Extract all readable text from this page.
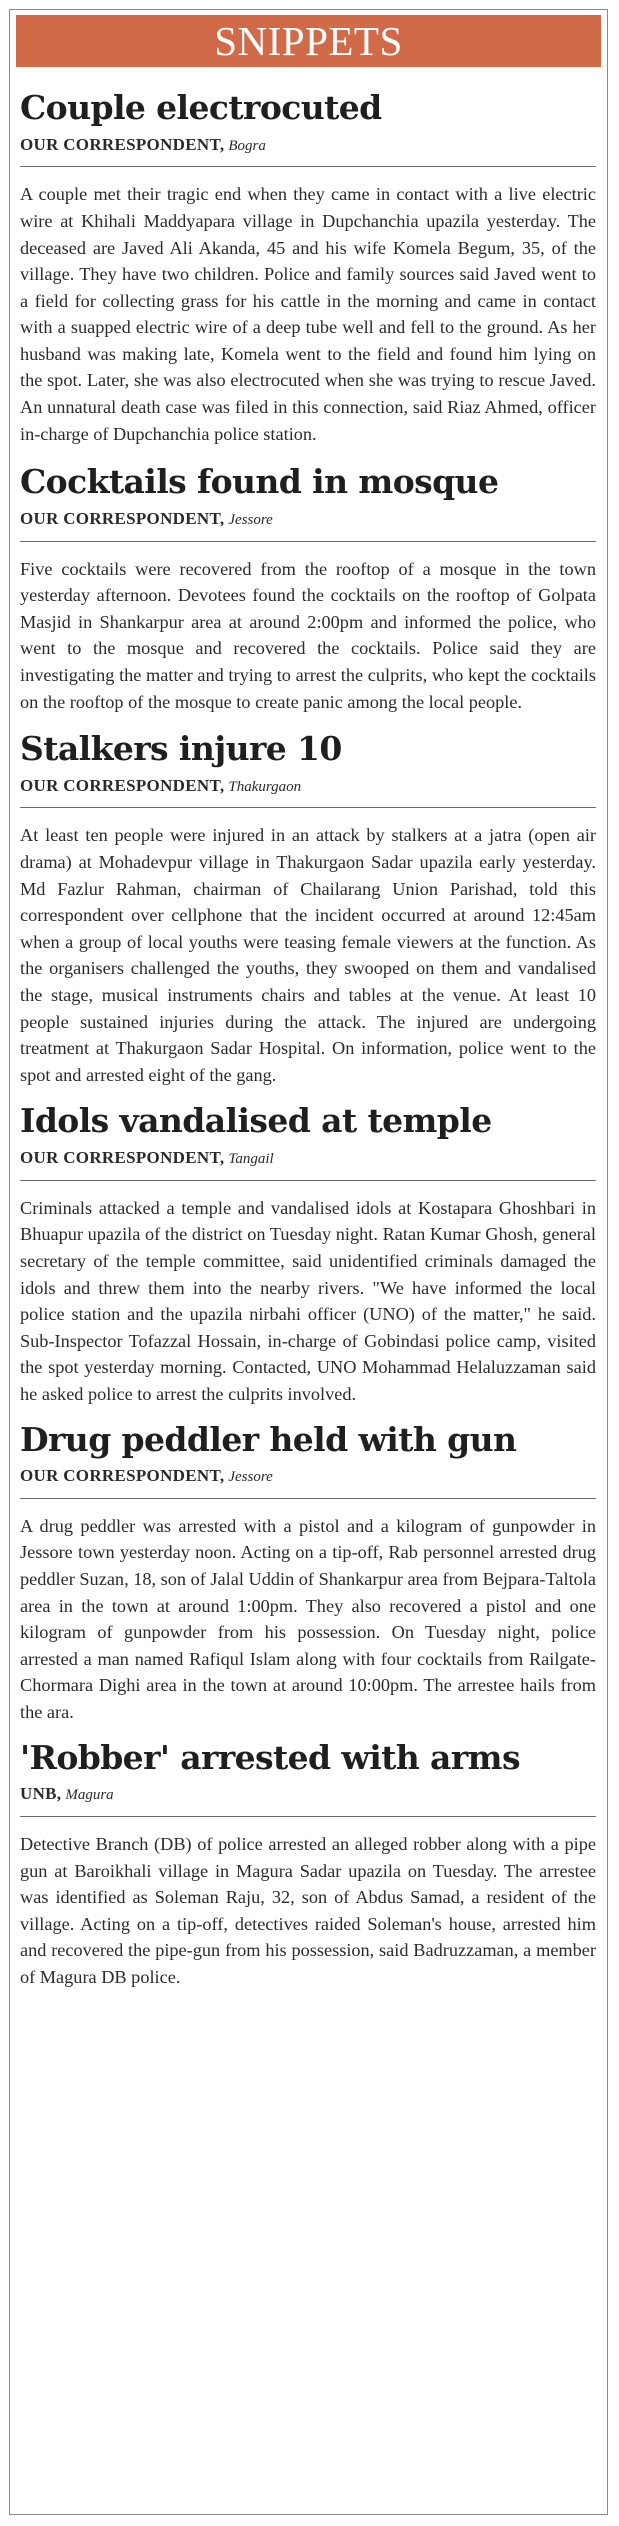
SNIPPETS
Couple electrocuted
OUR CORRESPONDENT, Bogra

A couple met their tragic end when they came in contact with a live electric wire at Khihali Maddyapara village in Dupchanchia upazila yesterday. The deceased are Javed Ali Akanda, 45 and his wife Komela Begum, 35, of the village. They have two children. Police and family sources said Javed went to a field for collecting grass for his cattle in the morning and came in contact with a suapped electric wire of a deep tube well and fell to the ground. As her husband was making late, Komela went to the field and found him lying on the spot. Later, she was also electrocuted when she was trying to rescue Javed. An unnatural death case was filed in this connection, said Riaz Ahmed, officer in-charge of Dupchanchia police station.

Cocktails found in mosque
OUR CORRESPONDENT, Jessore

Five cocktails were recovered from the rooftop of a mosque in the town yesterday afternoon. Devotees found the cocktails on the rooftop of Golpata Masjid in Shankarpur area at around 2:00pm and informed the police, who went to the mosque and recovered the cocktails. Police said they are investigating the matter and trying to arrest the culprits, who kept the cocktails on the rooftop of the mosque to create panic among the local people.

Stalkers injure 10
OUR CORRESPONDENT, Thakurgaon

At least ten people were injured in an attack by stalkers at a jatra (open air drama) at Mohadevpur village in Thakurgaon Sadar upazila early yesterday. Md Fazlur Rahman, chairman of Chailarang Union Parishad, told this correspondent over cellphone that the incident occurred at around 12:45am when a group of local youths were teasing female viewers at the function. As the organisers challenged the youths, they swooped on them and vandalised the stage, musical instruments chairs and tables at the venue. At least 10 people sustained injuries during the attack. The injured are undergoing treatment at Thakurgaon Sadar Hospital. On information, police went to the spot and arrested eight of the gang.

Idols vandalised at temple
OUR CORRESPONDENT, Tangail

Criminals attacked a temple and vandalised idols at Kostapara Ghoshbari in Bhuapur upazila of the district on Tuesday night. Ratan Kumar Ghosh, general secretary of the temple committee, said unidentified criminals damaged the idols and threw them into the nearby rivers. "We have informed the local police station and the upazila nirbahi officer (UNO) of the matter," he said. Sub-Inspector Tofazzal Hossain, in-charge of Gobindasi police camp, visited the spot yesterday morning. Contacted, UNO Mohammad Helaluzzaman said he asked police to arrest the culprits involved.

Drug peddler held with gun
OUR CORRESPONDENT, Jessore

A drug peddler was arrested with a pistol and a kilogram of gunpowder in Jessore town yesterday noon. Acting on a tip-off, Rab personnel arrested drug peddler Suzan, 18, son of Jalal Uddin of Shankarpur area from Bejpara-Taltola area in the town at around 1:00pm. They also recovered a pistol and one kilogram of gunpowder from his possession. On Tuesday night, police arrested a man named Rafiqul Islam along with four cocktails from Railgate-Chormara Dighi area in the town at around 10:00pm. The arrestee hails from the ara.

'Robber' arrested with arms
UNB, Magura

Detective Branch (DB) of police arrested an alleged robber along with a pipe gun at Baroikhali village in Magura Sadar upazila on Tuesday. The arrestee was identified as Soleman Raju, 32, son of Abdus Samad, a resident of the village. Acting on a tip-off, detectives raided Soleman's house, arrested him and recovered the pipe-gun from his possession, said Badruzzaman, a member of Magura DB police.
